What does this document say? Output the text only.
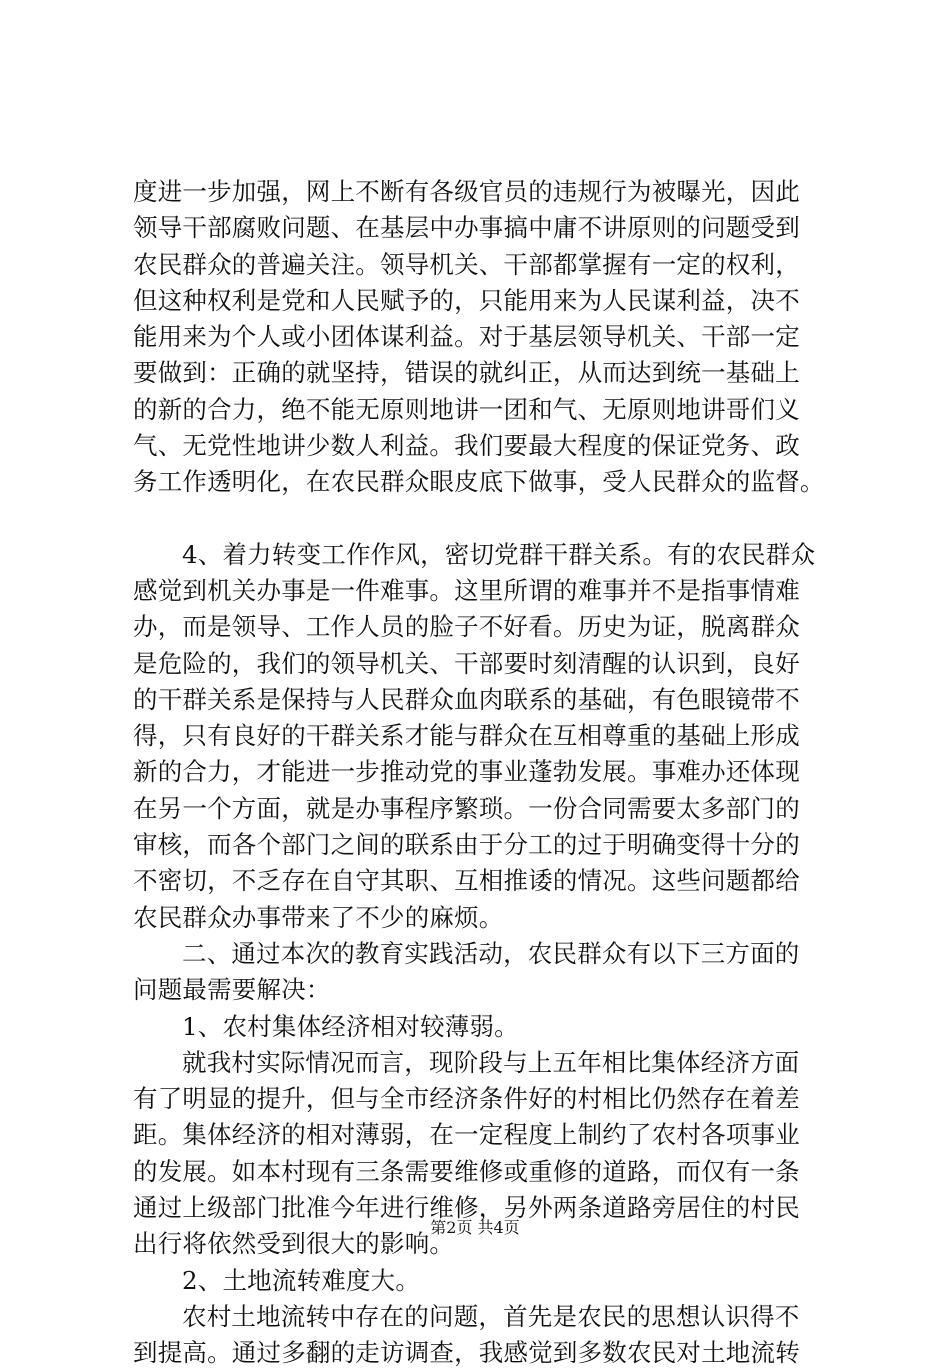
度进一步加强，网上不断有各级官员的违规行为被曝光，因此
领导干部腐败问题、在基层中办事搞中庸不讲原则的问题受到
农民群众的普遍关注。领导机关、干部都掌握有一定的权利，
但这种权利是党和人民赋予的，只能用来为人民谋利益，决不
能用来为个人或小团体谋利益。对于基层领导机关、干部一定
要做到：正确的就坚持，错误的就纠正，从而达到统一基础上
的新的合力，绝不能无原则地讲一团和气、无原则地讲哥们义
气、无党性地讲少数人利益。我们要最大程度的保证党务、政
务工作透明化，在农民群众眼皮底下做事，受人民群众的监督。
4、着力转变工作作风，密切党群干群关系。有的农民群众
感觉到机关办事是一件难事。这里所谓的难事并不是指事情难
办，而是领导、工作人员的脸子不好看。历史为证，脱离群众
是危险的，我们的领导机关、干部要时刻清醒的认识到，良好
的干群关系是保持与人民群众血肉联系的基础，有色眼镜带不
得，只有良好的干群关系才能与群众在互相尊重的基础上形成
新的合力，才能进一步推动党的事业蓬勃发展。事难办还体现
在另一个方面，就是办事程序繁琐。一份合同需要太多部门的
审核，而各个部门之间的联系由于分工的过于明确变得十分的
不密切，不乏存在自守其职、互相推诿的情况。这些问题都给
农民群众办事带来了不少的麻烦。
二、通过本次的教育实践活动，农民群众有以下三方面的
问题最需要解决：
1、农村集体经济相对较薄弱。
就我村实际情况而言，现阶段与上五年相比集体经济方面
有了明显的提升，但与全市经济条件好的村相比仍然存在着差
距。集体经济的相对薄弱，在一定程度上制约了农村各项事业
的发展。如本村现有三条需要维修或重修的道路，而仅有一条
通过上级部门批准今年进行维修，另外两条道路旁居住的村民
出行将依然受到很大的影响。
2、土地流转难度大。
农村土地流转中存在的问题，首先是农民的思想认识得不
到提高。通过多翻的走访调查，我感觉到多数农民对土地流转
第2页 共4页
